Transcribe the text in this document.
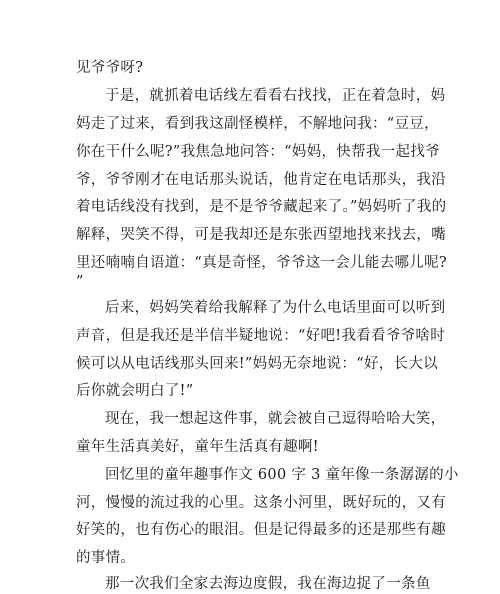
见爷爷呀?
于是，就抓着电话线左看看右找找，正在着急时，妈
妈走了过来，看到我这副怪模样，不解地问我：“豆豆，
你在干什么呢?”我焦急地问答：“妈妈，快帮我一起找爷
爷，爷爷刚才在电话那头说话，他肯定在电话那头，我沿
着电话线没有找到，是不是爷爷藏起来了。”妈妈听了我的
解释，哭笑不得，可是我却还是东张西望地找来找去，嘴
里还喃喃自语道：“真是奇怪，爷爷这一会儿能去哪儿呢?
”
后来，妈妈笑着给我解释了为什么电话里面可以听到
声音，但是我还是半信半疑地说：“好吧!我看看爷爷啥时
候可以从电话线那头回来!”妈妈无奈地说：“好，长大以
后你就会明白了!”
现在，我一想起这件事，就会被自己逗得哈哈大笑，
童年生活真美好，童年生活真有趣啊!
回忆里的童年趣事作文 600 字 3 童年像一条潺潺的小
河，慢慢的流过我的心里。这条小河里，既好玩的，又有
好笑的，也有伤心的眼泪。但是记得最多的还是那些有趣
的事情。
那一次我们全家去海边度假，我在海边捉了一条鱼
